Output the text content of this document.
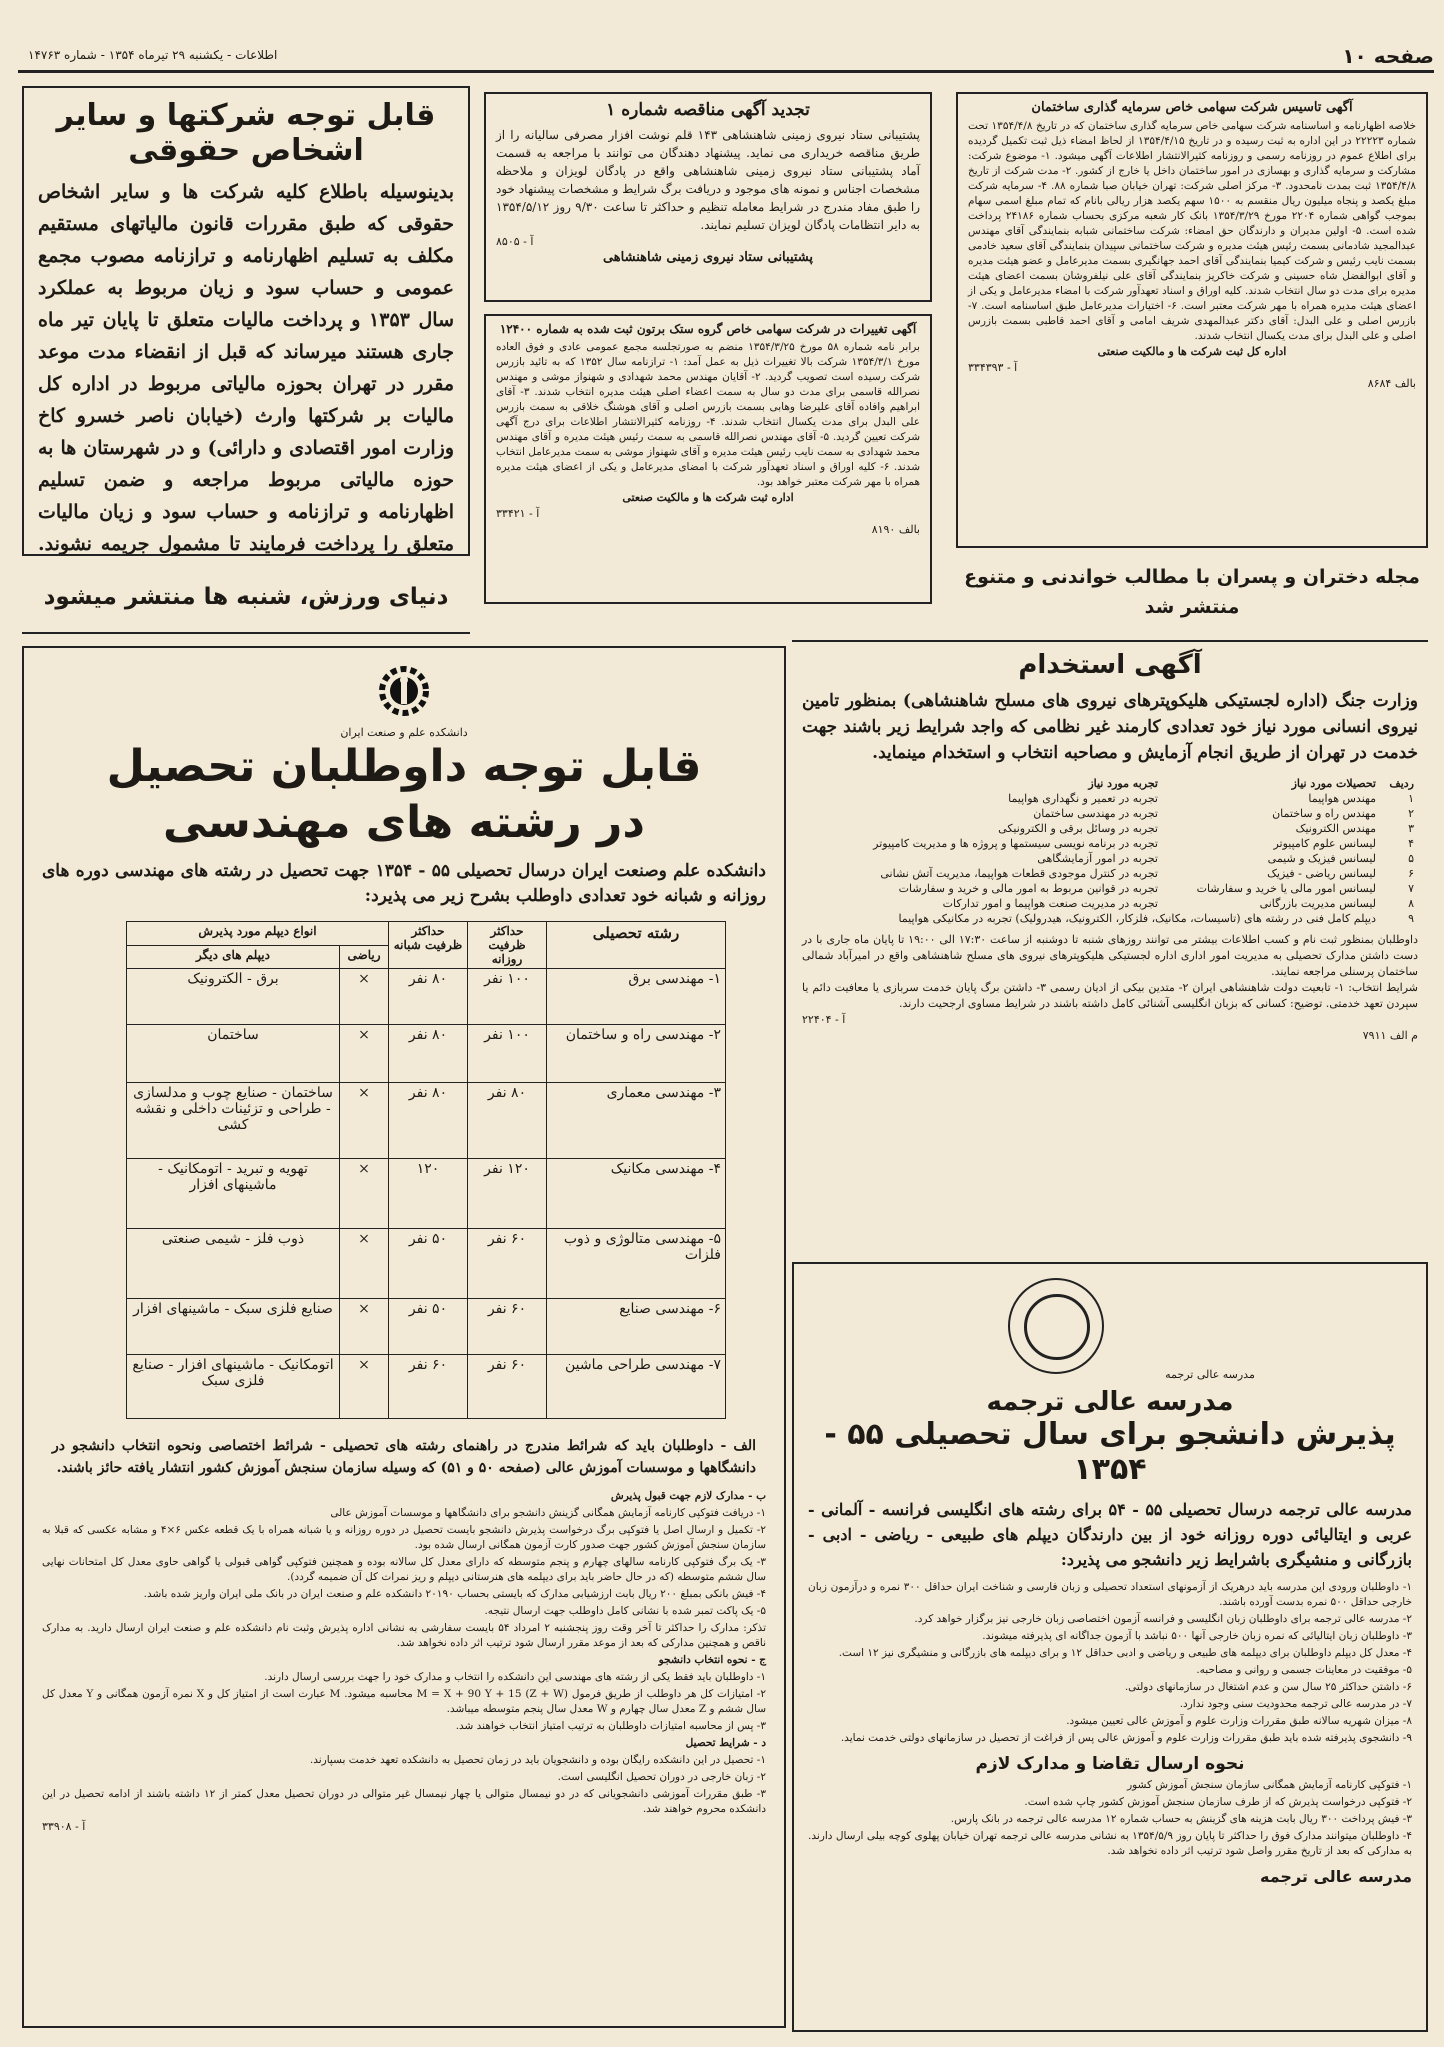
صفحه ۱۰
اطلاعات - یکشنبه ۲۹ تیرماه ۱۳۵۴ - شماره ۱۴۷۶۳
قابل توجه شرکتها و سایر اشخاص حقوقی
بدینوسیله باطلاع کلیه شرکت ها و سایر اشخاص حقوقی که طبق مقررات قانون مالیاتهای مستقیم مکلف به تسلیم اظهارنامه و ترازنامه مصوب مجمع عمومی و حساب سود و زیان مربوط به عملکرد سال ۱۳۵۳ و پرداخت مالیات متعلق تا پایان تیر ماه جاری هستند میرساند که قبل از انقضاء مدت موعد مقرر در تهران بحوزه مالیاتی مربوط در اداره کل مالیات بر شرکتها وارث (خیابان ناصر خسرو کاخ وزارت امور اقتصادی و دارائی) و در شهرستان ها به حوزه مالیاتی مربوط مراجعه و ضمن تسلیم اظهارنامه و ترازنامه و حساب سود و زیان مالیات متعلق را پرداخت فرمایند تا مشمول جریمه نشوند.
تجدید آگهی مناقصه شماره ۱
پشتیبانی ستاد نیروی زمینی شاهنشاهی ۱۴۳ قلم نوشت افزار مصرفی سالیانه را از طریق مناقصه خریداری می نماید. پیشنهاد دهندگان می توانند با مراجعه به قسمت آماد پشتیبانی ستاد نیروی زمینی شاهنشاهی واقع در پادگان لویزان و ملاحظه مشخصات اجناس و نمونه های موجود و دریافت برگ شرایط و مشخصات پیشنهاد خود را طبق مفاد مندرج در شرایط معامله تنظیم و حداکثر تا ساعت ۹/۳۰ روز ۱۳۵۴/۵/۱۲ به دایر انتظامات پادگان لویزان تسلیم نمایند.
آ - ۸۵۰۵
پشتیبانی ستاد نیروی زمینی شاهنشاهی
آگهی تغییرات در شرکت سهامی خاص گروه ستک برتون ثبت شده به شماره ۱۲۴۰۰
برابر نامه شماره ۵۸ مورخ ۱۳۵۴/۳/۲۵ منضم به صورتجلسه مجمع عمومی عادی و فوق العاده مورخ ۱۳۵۴/۳/۱ شرکت بالا تغییرات ذیل به عمل آمد: ۱- ترازنامه سال ۱۳۵۲ که به تائید بازرس شرکت رسیده است تصویب گردید. ۲- آقایان مهندس محمد شهدادی و شهنواز موشی و مهندس نصرالله قاسمی برای مدت دو سال به سمت اعضاء اصلی هیئت مدیره انتخاب شدند. ۳- آقای ابراهیم وافاده آقای علیرضا وهابی بسمت بازرس اصلی و آقای هوشنگ خلاقی به سمت بازرس علی البدل برای مدت یکسال انتخاب شدند. ۴- روزنامه کثیرالانتشار اطلاعات برای درج آگهی شرکت تعیین گردید. ۵- آقای مهندس نصرالله قاسمی به سمت رئیس هیئت مدیره و آقای مهندس محمد شهدادی به سمت نایب رئیس هیئت مدیره و آقای شهنواز موشی به سمت مدیرعامل انتخاب شدند. ۶- کلیه اوراق و اسناد تعهدآور شرکت با امضای مدیرعامل و یکی از اعضای هیئت مدیره همراه با مهر شرکت معتبر خواهد بود.
اداره ثبت شرکت ها و مالکیت صنعتی
آ - ۳۳۴۲۱
بالف ۸۱۹۰
آگهی تاسیس شرکت سهامی خاص سرمایه گذاری ساختمان
خلاصه اظهارنامه و اساسنامه شرکت سهامی خاص سرمایه گذاری ساختمان که در تاریخ ۱۳۵۴/۴/۸ تحت شماره ۲۲۲۲۳ در این اداره به ثبت رسیده و در تاریخ ۱۳۵۴/۴/۱۵ از لحاظ امضاء ذیل ثبت تکمیل گردیده برای اطلاع عموم در روزنامه رسمی و روزنامه کثیرالانتشار اطلاعات آگهی میشود. ۱- موضوع شرکت: مشارکت و سرمایه گذاری و بهسازی در امور ساختمان داخل یا خارج از کشور. ۲- مدت شرکت از تاریخ ۱۳۵۴/۴/۸ ثبت بمدت نامحدود. ۳- مرکز اصلی شرکت: تهران خیابان صبا شماره ۸۸. ۴- سرمایه شرکت مبلغ یکصد و پنجاه میلیون ریال منقسم به ۱۵۰۰ سهم یکصد هزار ریالی بانام که تمام مبلغ اسمی سهام بموجب گواهی شماره ۲۲۰۴ مورخ ۱۳۵۴/۳/۲۹ بانک کار شعبه مرکزی بحساب شماره ۲۴۱۸۶ پرداخت شده است. ۵- اولین مدیران و دارندگان حق امضاء: شرکت ساختمانی شبابه بنمایندگی آقای مهندس عبدالمجید شادمانی بسمت رئیس هیئت مدیره و شرکت ساختمانی سپیدان بنمایندگی آقای سعید خادمی بسمت نایب رئیس و شرکت کیمیا بنمایندگی آقای احمد جهانگیری بسمت مدیرعامل و عضو هیئت مدیره و آقای ابوالفضل شاه حسینی و شرکت خاکریز بنمایندگی آقای علی نیلفروشان بسمت اعضای هیئت مدیره برای مدت دو سال انتخاب شدند. کلیه اوراق و اسناد تعهدآور شرکت با امضاء مدیرعامل و یکی از اعضای هیئت مدیره همراه با مهر شرکت معتبر است. ۶- اختیارات مدیرعامل طبق اساسنامه است. ۷- بازرس اصلی و علی البدل: آقای دکتر عبدالمهدی شریف امامی و آقای احمد قاطبی بسمت بازرس اصلی و علی البدل برای مدت یکسال انتخاب شدند.
اداره کل ثبت شرکت ها و مالکیت صنعتی
آ - ۳۳۴۳۹۳
بالف ۸۶۸۴
دنیای ورزش، شنبه ها منتشر میشود
مجله دختران و پسران با مطالب خواندنی و متنوع منتشر شد
دانشکده علم و صنعت ایران
قابل توجه داوطلبان تحصیل
در رشته های مهندسی
دانشکده علم وصنعت ایران درسال تحصیلی ۵۵ - ۱۳۵۴ جهت تحصیل در رشته های مهندسی دوره های روزانه و شبانه خود تعدادی داوطلب بشرح زیر می پذیرد:
رشته تحصیلی	حداکثر ظرفیت روزانه	حداکثر ظرفیت شبانه	انواع دیپلم مورد پذیرش	
			ریاضی	دیپلم های دیگر
۱- مهندسی برق	۱۰۰ نفر	۸۰ نفر	×	برق - الکترونیک
۲- مهندسی راه و ساختمان	۱۰۰ نفر	۸۰ نفر	×	ساختمان
۳- مهندسی معماری	۸۰ نفر	۸۰ نفر	×	ساختمان - صنایع چوب و مدلسازی - طراحی و تزئینات داخلی و نقشه کشی
۴- مهندسی مکانیک	۱۲۰ نفر	۱۲۰	×	تهویه و تبرید - اتومکانیک - ماشینهای افزار
۵- مهندسی متالوژی و ذوب فلزات	۶۰ نفر	۵۰ نفر	×	ذوب فلز - شیمی صنعتی
۶- مهندسی صنایع	۶۰ نفر	۵۰ نفر	×	صنایع فلزی سبک - ماشینهای افزار
۷- مهندسی طراحی ماشین	۶۰ نفر	۶۰ نفر	×	اتومکانیک - ماشینهای افزار - صنایع فلزی سبک
الف - داوطلبان باید که شرائط مندرج در راهنمای رشته های تحصیلی - شرائط اختصاصی ونحوه انتخاب دانشجو در دانشگاهها و موسسات آموزش عالی (صفحه ۵۰ و ۵۱) که وسیله سازمان سنجش آموزش کشور انتشار یافته حائز باشند.

ب - مدارک لازم جهت قبول پذیرش

۱- دریافت فتوکپی کارنامه آزمایش همگانی گزینش دانشجو برای دانشگاهها و موسسات آموزش عالی

۲- تکمیل و ارسال اصل یا فتوکپی برگ درخواست پذیرش دانشجو بایست تحصیل در دوره روزانه و یا شبانه همراه با یک قطعه عکس ۶×۴ و مشابه عکسی که قبلا به سازمان سنجش آموزش کشور جهت صدور کارت آزمون همگانی ارسال شده بود.

۳- یک برگ فتوکپی کارنامه سالهای چهارم و پنجم متوسطه که دارای معدل کل سالانه بوده و همچنین فتوکپی گواهی قبولی یا گواهی حاوی معدل کل امتحانات نهایی سال ششم متوسطه (که در حال حاضر باید برای دیپلمه های هنرستانی دیپلم و ریز نمرات کل آن ضمیمه گردد).

۴- فیش بانکی بمبلغ ۲۰۰ ریال بابت ارزشیابی مدارک که بایستی بحساب ۲۰۱۹۰ دانشکده علم و صنعت ایران در بانک ملی ایران واریز شده باشد.

۵- یک پاکت تمبر شده با نشانی کامل داوطلب جهت ارسال نتیجه.

تذکر: مدارک را حداکثر تا آخر وقت روز پنجشنبه ۲ امرداد ۵۴ بایست سفارشی به نشانی اداره پذیرش وثبت نام دانشکده علم و صنعت ایران ارسال دارید. به مدارک ناقص و همچنین مدارکی که بعد از موعد مقرر ارسال شود ترتیب اثر داده نخواهد شد.

ج - نحوه انتخاب دانشجو

۱- داوطلبان باید فقط یکی از رشته های مهندسی این دانشکده را انتخاب و مدارک خود را جهت بررسی ارسال دارند.

۲- امتیازات کل هر داوطلب از طریق فرمول M = X + 90 Y + 15 (Z + W) محاسبه میشود. M عبارت است از امتیاز کل و X نمره آزمون همگانی و Y معدل کل سال ششم و Z معدل سال چهارم و W معدل سال پنجم متوسطه میباشد.

۳- پس از محاسبه امتیازات داوطلبان به ترتیب امتیاز انتخاب خواهند شد.

د - شرایط تحصیل

۱- تحصیل در این دانشکده رایگان بوده و دانشجویان باید در زمان تحصیل به دانشکده تعهد خدمت بسپارند.

۲- زبان خارجی در دوران تحصیل انگلیسی است.

۳- طبق مقررات آموزشی دانشجویانی که در دو نیمسال متوالی یا چهار نیمسال غیر متوالی در دوران تحصیل معدل کمتر از ۱۲ داشته باشند از ادامه تحصیل در این دانشکده محروم خواهند شد.

آ - ۳۳۹۰۸
آگهی استخدام
وزارت جنگ (اداره لجستیکی هلیکوپترهای نیروی های مسلح شاهنشاهی) بمنظور تامین نیروی انسانی مورد نیاز خود تعدادی کارمند غیر نظامی که واجد شرایط زیر باشند جهت خدمت در تهران از طریق انجام آزمایش و مصاحبه انتخاب و استخدام مینماید.
ردیف	تحصیلات مورد نیاز	تجربه مورد نیاز
۱	مهندس هواپیما	تجربه در تعمیر و نگهداری هواپیما
۲	مهندس راه و ساختمان	تجربه در مهندسی ساختمان
۳	مهندس الکترونیک	تجربه در وسائل برقی و الکترونیکی
۴	لیسانس علوم کامپیوتر	تجربه در برنامه نویسی سیستمها و پروژه ها و مدیریت کامپیوتر
۵	لیسانس فیزیک و شیمی	تجربه در امور آزمایشگاهی
۶	لیسانس ریاضی - فیزیک	تجربه در کنترل موجودی قطعات هواپیما، مدیریت آتش نشانی
۷	لیسانس امور مالی یا خرید و سفارشات	تجربه در قوانین مربوط به امور مالی و خرید و سفارشات
۸	لیسانس مدیریت بازرگانی	تجربه در مدیریت صنعت هواپیما و امور تدارکات
۹	دیپلم کامل فنی در رشته های (تاسیسات، مکانیک، فلزکار، الکترونیک، هیدرولیک) تجربه در مکانیکی هواپیما	
داوطلبان بمنظور ثبت نام و کسب اطلاعات بیشتر می توانند روزهای شنبه تا دوشنبه از ساعت ۱۷:۳۰ الی ۱۹:۰۰ تا پایان ماه جاری با در دست داشتن مدارک تحصیلی به مدیریت امور اداری اداره لجستیکی هلیکوپترهای نیروی های مسلح شاهنشاهی واقع در امیرآباد شمالی ساختمان پرسنلی مراجعه نمایند.
شرایط انتخاب: ۱- تابعیت دولت شاهنشاهی ایران ۲- متدین بیکی از ادیان رسمی ۳- داشتن برگ پایان خدمت سربازی یا معافیت دائم یا سپردن تعهد خدمتی. توضیح: کسانی که بزبان انگلیسی آشنائی کامل داشته باشند در شرایط مساوی ارجحیت دارند.
آ - ۲۲۴۰۴
م الف ۷۹۱۱
مدرسه عالی ترجمه
مدرسه عالی ترجمه
پذیرش دانشجو برای سال تحصیلی ۵۵ - ۱۳۵۴
مدرسه عالی ترجمه درسال تحصیلی ۵۵ - ۵۴ برای رشته های انگلیسی فرانسه - آلمانی - عربی و ایتالیائی دوره روزانه خود از بین دارندگان دیپلم های طبیعی - ریاضی - ادبی - بازرگانی و منشیگری باشرایط زیر دانشجو می پذیرد:

۱- داوطلبان ورودی این مدرسه باید درهریک از آزمونهای استعداد تحصیلی و زبان فارسی و شناخت ایران حداقل ۳۰۰ نمره و درآزمون زبان خارجی حداقل ۵۰۰ نمره بدست آورده باشند.

۲- مدرسه عالی ترجمه برای داوطلبان زبان انگلیسی و فرانسه آزمون اختصاصی زبان خارجی نیز برگزار خواهد کرد.

۳- داوطلبان زبان ایتالیائی که نمره زبان خارجی آنها ۵۰۰ نباشد با آزمون جداگانه ای پذیرفته میشوند.

۴- معدل کل دیپلم داوطلبان برای دیپلمه های طبیعی و ریاضی و ادبی حداقل ۱۲ و برای دیپلمه های بازرگانی و منشیگری نیز ۱۲ است.

۵- موفقیت در معاینات جسمی و روانی و مصاحبه.

۶- داشتن حداکثر ۲۵ سال سن و عدم اشتغال در سازمانهای دولتی.

۷- در مدرسه عالی ترجمه محدودیت سنی وجود ندارد.

۸- میزان شهریه سالانه طبق مقررات وزارت علوم و آموزش عالی تعیین میشود.

۹- دانشجوی پذیرفته شده باید طبق مقررات وزارت علوم و آموزش عالی پس از فراغت از تحصیل در سازمانهای دولتی خدمت نماید.

نحوه ارسال تقاضا و مدارک لازم

۱- فتوکپی کارنامه آزمایش همگانی سازمان سنجش آموزش کشور

۲- فتوکپی درخواست پذیرش که از طرف سازمان سنجش آموزش کشور چاپ شده است.

۳- فیش پرداخت ۳۰۰ ریال بابت هزینه های گزینش به حساب شماره ۱۲ مدرسه عالی ترجمه در بانک پارس.

۴- داوطلبان میتوانند مدارک فوق را حداکثر تا پایان روز ۱۳۵۴/۵/۹ به نشانی مدرسه عالی ترجمه تهران خیابان پهلوی کوچه بیلی ارسال دارند. به مدارکی که بعد از تاریخ مقرر واصل شود ترتیب اثر داده نخواهد شد.

مدرسه عالی ترجمه
